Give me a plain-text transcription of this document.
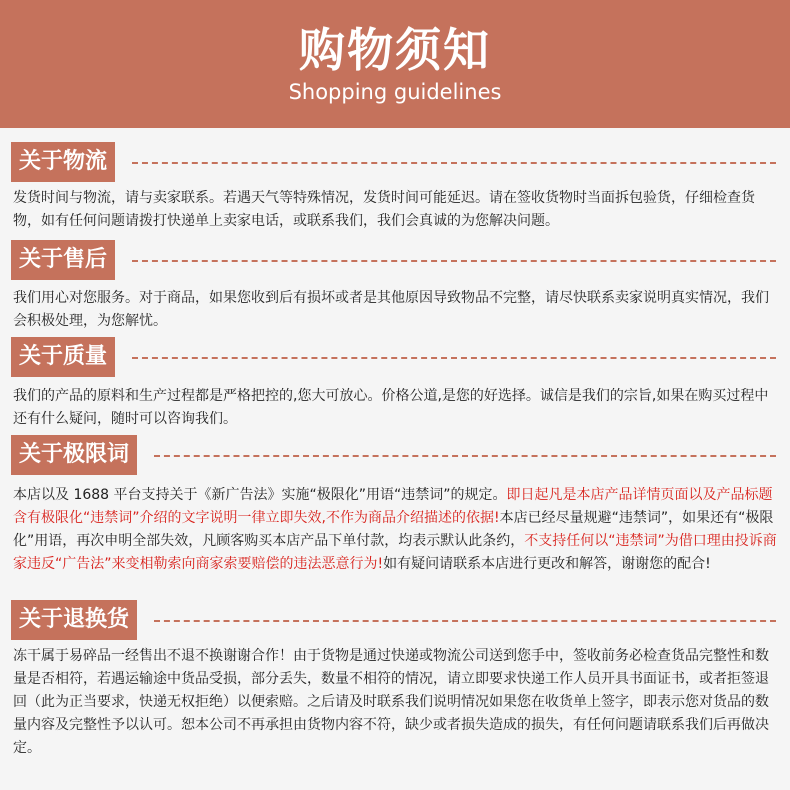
购物须知
Shopping guidelines
关于物流
发货时间与物流，请与卖家联系。若遇天气等特殊情况，发货时间可能延迟。请在签收货物时当面拆包验货，仔细检查货物，如有任何问题请拨打快递单上卖家电话，或联系我们，我们会真诚的为您解决问题。
关于售后
我们用心对您服务。对于商品，如果您收到后有损坏或者是其他原因导致物品不完整，请尽快联系卖家说明真实情况，我们会积极处理，为您解忧。
关于质量
我们的产品的原料和生产过程都是严格把控的,您大可放心。价格公道,是您的好选择。诚信是我们的宗旨,如果在购买过程中还有什么疑问，随时可以咨询我们。
关于极限词
本店以及 1688 平台支持关于《新广告法》实施“极限化”用语“违禁词”的规定。即日起凡是本店产品详情页面以及产品标题含有极限化“违禁词”介绍的文字说明一律立即失效,不作为商品介绍描述的依据!本店已经尽量规避“违禁词”，如果还有“极限化”用语，再次申明全部失效，凡顾客购买本店产品下单付款，均表示默认此条约，不支持任何以“违禁词”为借口理由投诉商家违反“广告法”来变相勒索向商家索要赔偿的违法恶意行为!如有疑问请联系本店进行更改和解答，谢谢您的配合!
关于退换货
冻干属于易碎品一经售出不退不换谢谢合作！由于货物是通过快递或物流公司送到您手中，签收前务必检查货品完整性和数量是否相符，若遇运输途中货品受损，部分丢失，数量不相符的情况，请立即要求快递工作人员开具书面证书，或者拒签退回（此为正当要求，快递无权拒绝）以便索赔。之后请及时联系我们说明情况如果您在收货单上签字，即表示您对货品的数量内容及完整性予以认可。恕本公司不再承担由货物内容不符，缺少或者损失造成的损失，有任何问题请联系我们后再做决定。
